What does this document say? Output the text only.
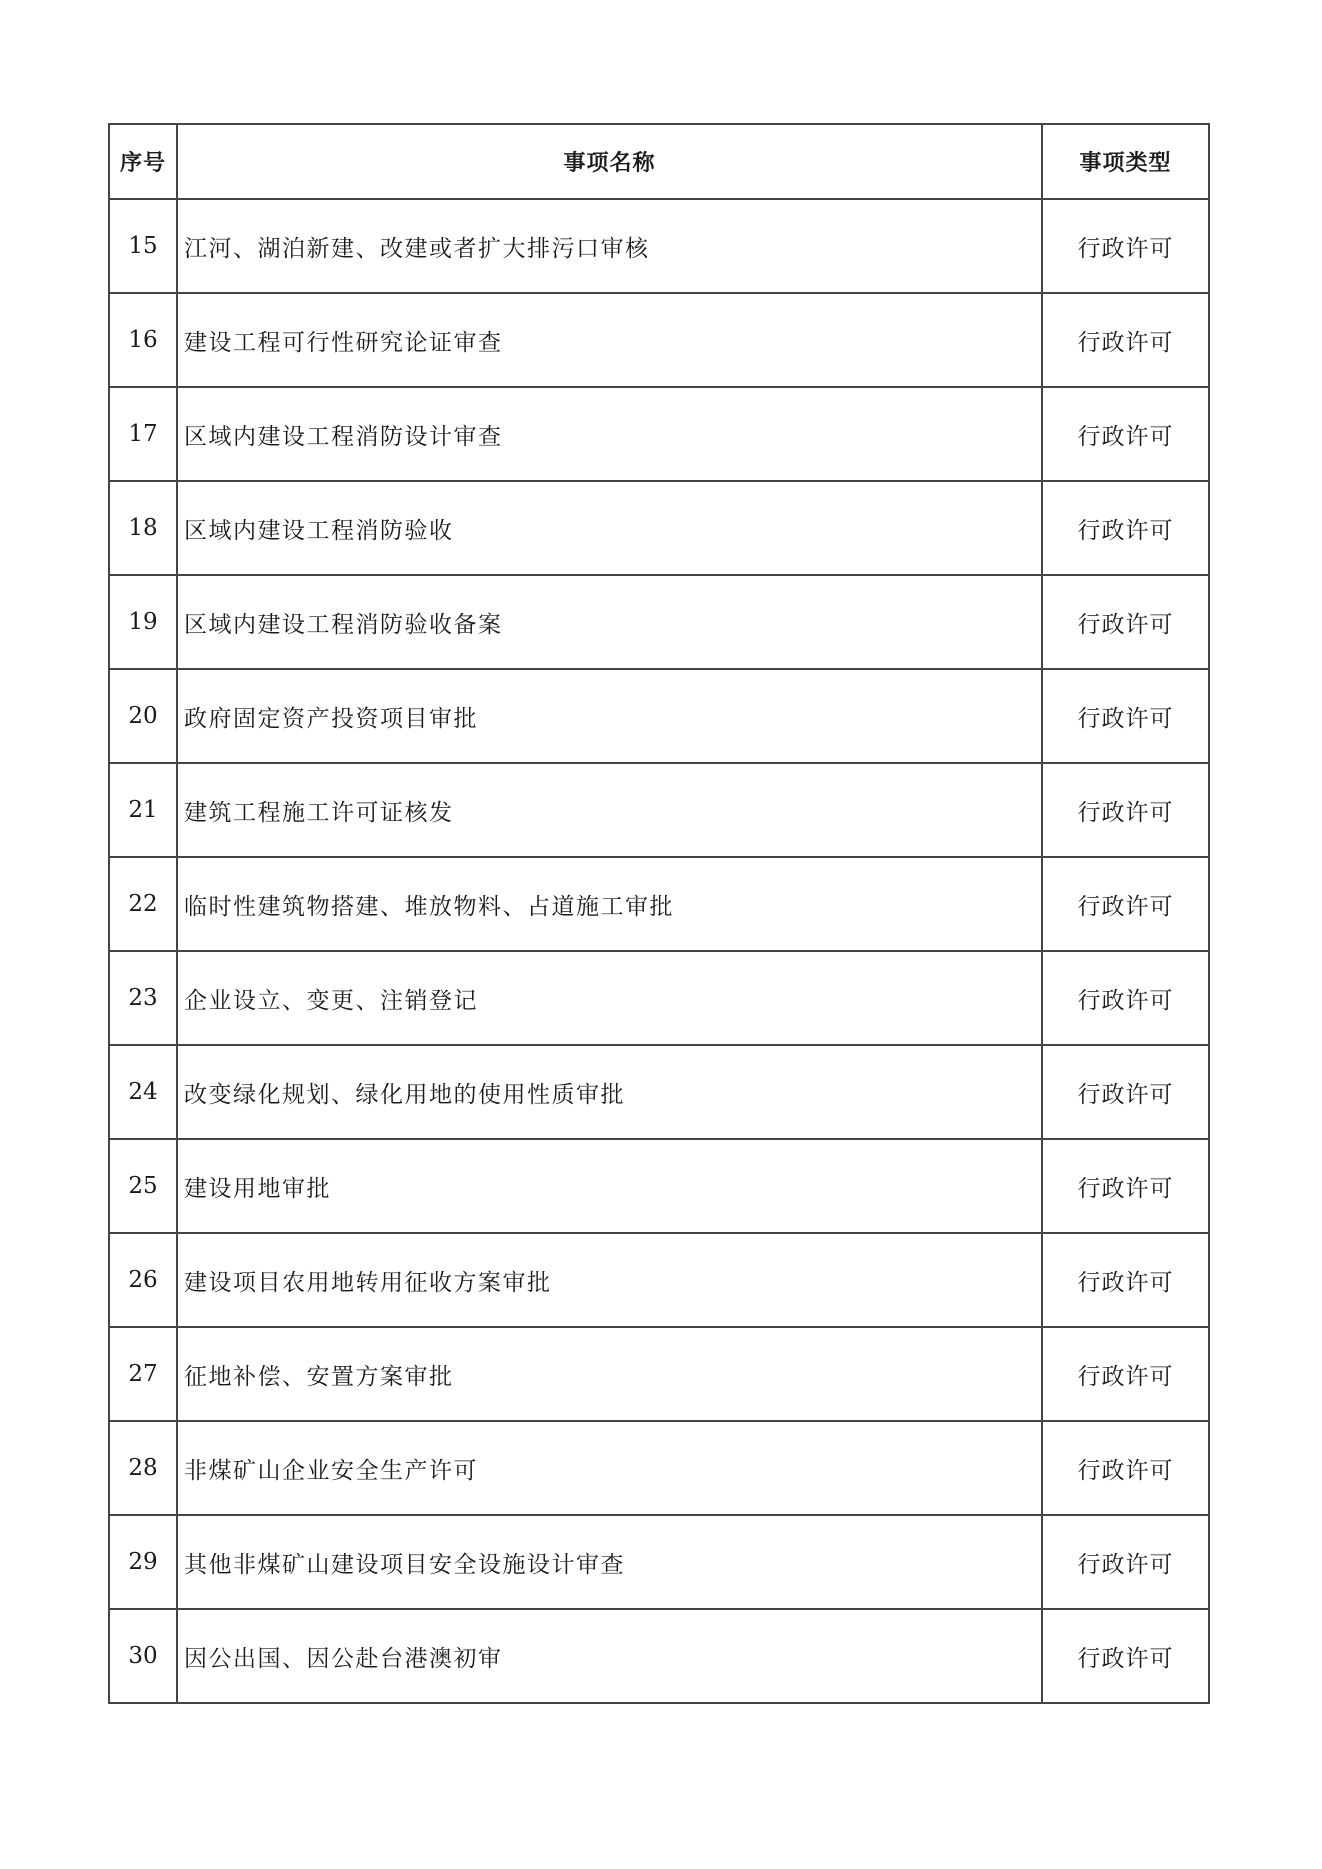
序号	事项名称	事项类型
15	江河、湖泊新建、改建或者扩大排污口审核	行政许可
16	建设工程可行性研究论证审查	行政许可
17	区域内建设工程消防设计审查	行政许可
18	区域内建设工程消防验收	行政许可
19	区域内建设工程消防验收备案	行政许可
20	政府固定资产投资项目审批	行政许可
21	建筑工程施工许可证核发	行政许可
22	临时性建筑物搭建、堆放物料、占道施工审批	行政许可
23	企业设立、变更、注销登记	行政许可
24	改变绿化规划、绿化用地的使用性质审批	行政许可
25	建设用地审批	行政许可
26	建设项目农用地转用征收方案审批	行政许可
27	征地补偿、安置方案审批	行政许可
28	非煤矿山企业安全生产许可	行政许可
29	其他非煤矿山建设项目安全设施设计审查	行政许可
30	因公出国、因公赴台港澳初审	行政许可
